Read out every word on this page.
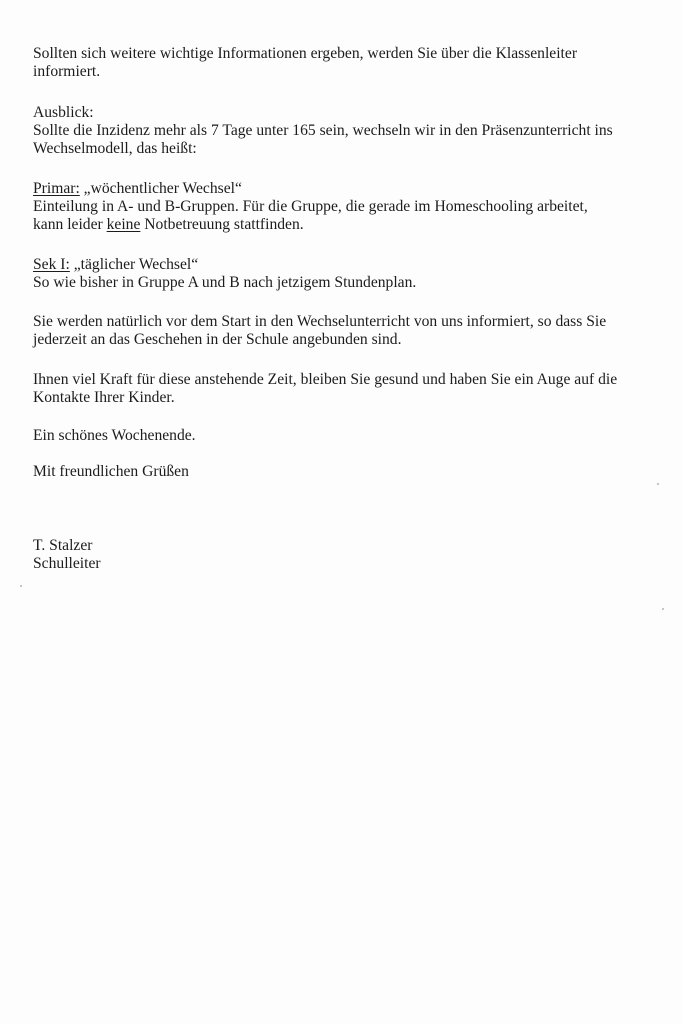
Sollten sich weitere wichtige Informationen ergeben, werden Sie über die Klassenleiter
informiert.
Ausblick:
Sollte die Inzidenz mehr als 7 Tage unter 165 sein, wechseln wir in den Präsenzunterricht ins
Wechselmodell, das heißt:
Primar: „wöchentlicher Wechsel“
Einteilung in A- und B-Gruppen. Für die Gruppe, die gerade im Homeschooling arbeitet,
kann leider keine Notbetreuung stattfinden.
Sek I: „täglicher Wechsel“
So wie bisher in Gruppe A und B nach jetzigem Stundenplan.
Sie werden natürlich vor dem Start in den Wechselunterricht von uns informiert, so dass Sie
jederzeit an das Geschehen in der Schule angebunden sind.
Ihnen viel Kraft für diese anstehende Zeit, bleiben Sie gesund und haben Sie ein Auge auf die
Kontakte Ihrer Kinder.
Ein schönes Wochenende.
Mit freundlichen Grüßen
T. Stalzer
Schulleiter
